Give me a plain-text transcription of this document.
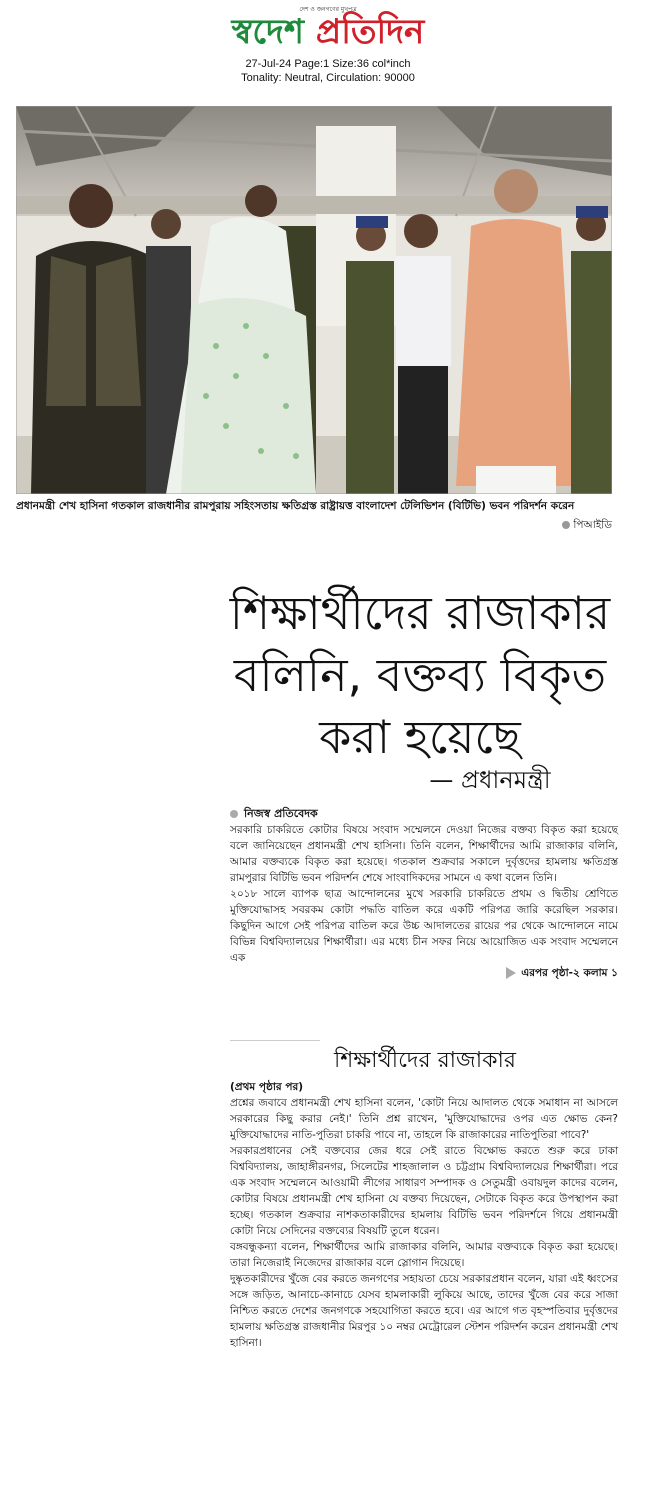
দেশ ও জনগণের মুখপত্র
স্বদেশ প্রতিদিন
27-Jul-24 Page:1 Size:36 col*inch
Tonality: Neutral, Circulation: 90000
প্রধানমন্ত্রী শেখ হাসিনা গতকাল রাজধানীর রামপুরায় সহিংসতায় ক্ষতিগ্রস্ত রাষ্ট্রায়ত্ত বাংলাদেশ টেলিভিশন (বিটিভি) ভবন পরিদর্শন করেন
পিআইডি
শিক্ষার্থীদের রাজাকার বলিনি, বক্তব্য বিকৃত করা হয়েছে
— প্রধানমন্ত্রী
নিজস্ব প্রতিবেদক

সরকারি চাকরিতে কোটার বিষয়ে সংবাদ সম্মেলনে দেওয়া নিজের বক্তব্য বিকৃত করা হয়েছে বলে জানিয়েছেন প্রধানমন্ত্রী শেখ হাসিনা। তিনি বলেন, শিক্ষার্থীদের আমি রাজাকার বলিনি, আমার বক্তব্যকে বিকৃত করা হয়েছে। গতকাল শুক্রবার সকালে দুর্বৃত্তদের হামলায় ক্ষতিগ্রস্ত রামপুরার বিটিভি ভবন পরিদর্শন শেষে সাংবাদিকদের সামনে এ কথা বলেন তিনি।

২০১৮ সালে ব্যাপক ছাত্র আন্দোলনের মুখে সরকারি চাকরিতে প্রথম ও দ্বিতীয় শ্রেণিতে মুক্তিযোদ্ধাসহ সবরকম কোটা পদ্ধতি বাতিল করে একটি পরিপত্র জারি করেছিল সরকার। কিছুদিন আগে সেই পরিপত্র বাতিল করে উচ্চ আদালতের রায়ের পর থেকে আন্দোলনে নামে বিভিন্ন বিশ্ববিদ্যালয়ের শিক্ষার্থীরা। এর মধ্যে চীন সফর নিয়ে আয়োজিত এক সংবাদ সম্মেলনে এক

এরপর পৃষ্ঠা-২ কলাম ১
শিক্ষার্থীদের রাজাকার
(প্রথম পৃষ্ঠার পর)

প্রশ্নের জবাবে প্রধানমন্ত্রী শেখ হাসিনা বলেন, 'কোটা নিয়ে আদালত থেকে সমাধান না আসলে সরকারের কিছু করার নেই।' তিনি প্রশ্ন রাখেন, 'মুক্তিযোদ্ধাদের ওপর এত ক্ষোভ কেন? মুক্তিযোদ্ধাদের নাতি-পুতিরা চাকরি পাবে না, তাহলে কি রাজাকারের নাতিপুতিরা পাবে?'

সরকারপ্রধানের সেই বক্তব্যের জের ধরে সেই রাতে বিক্ষোভ করতে শুরু করে ঢাকা বিশ্ববিদ্যালয়, জাহাঙ্গীরনগর, সিলেটের শাহজালাল ও চট্টগ্রাম বিশ্ববিদ্যালয়ের শিক্ষার্থীরা। পরে এক সংবাদ সম্মেলনে আওয়ামী লীগের সাধারণ সম্পাদক ও সেতুমন্ত্রী ওবায়দুল কাদের বলেন, কোটার বিষয়ে প্রধানমন্ত্রী শেখ হাসিনা যে বক্তব্য দিয়েছেন, সেটাকে বিকৃত করে উপস্থাপন করা হচ্ছে। গতকাল শুক্রবার নাশকতাকারীদের হামলায় বিটিভি ভবন পরিদর্শনে গিয়ে প্রধানমন্ত্রী কোটা নিয়ে সেদিনের বক্তব্যের বিষয়টি তুলে ধরেন।

বঙ্গবন্ধুকন্যা বলেন, শিক্ষার্থীদের আমি রাজাকার বলিনি, আমার বক্তব্যকে বিকৃত করা হয়েছে। তারা নিজেরাই নিজেদের রাজাকার বলে স্লোগান দিয়েছে।

দুষ্কৃতকারীদের খুঁজে বের করতে জনগণের সহায়তা চেয়ে সরকারপ্রধান বলেন, যারা এই ধ্বংসের সঙ্গে জড়িত, আনাচে-কানাচে যেসব হামলাকারী লুকিয়ে আছে, তাদের খুঁজে বের করে সাজা নিশ্চিত করতে দেশের জনগণকে সহযোগিতা করতে হবে। এর আগে গত বৃহস্পতিবার দুর্বৃত্তদের হামলায় ক্ষতিগ্রস্ত রাজধানীর মিরপুর ১০ নম্বর মেট্রোরেল স্টেশন পরিদর্শন করেন প্রধানমন্ত্রী শেখ হাসিনা।
